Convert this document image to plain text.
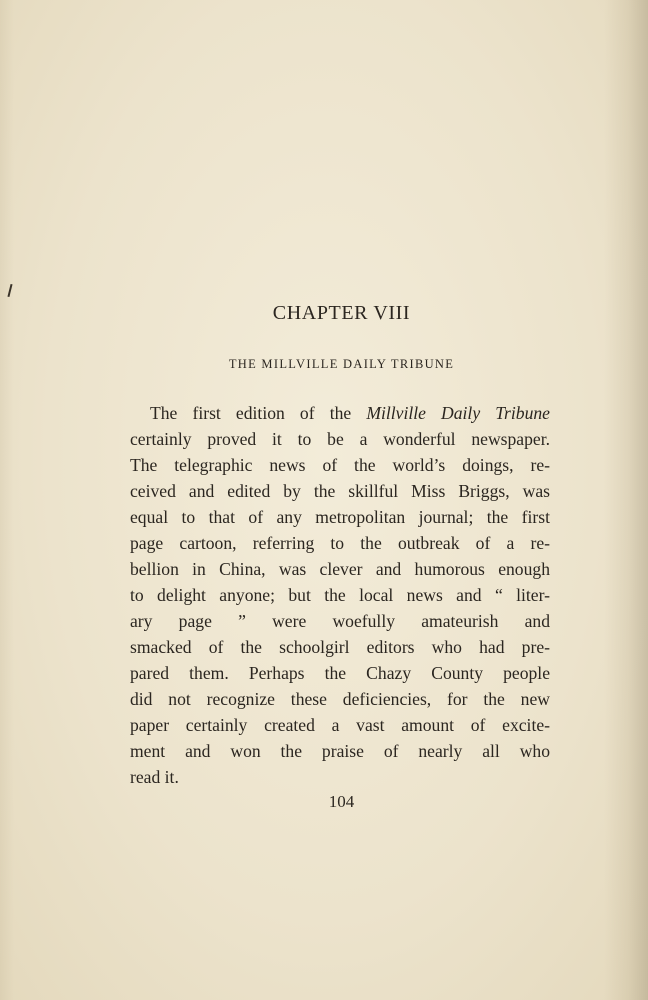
CHAPTER VIII
THE MILLVILLE DAILY TRIBUNE
The first edition of the Millville Daily Tribune
certainly proved it to be a wonderful newspaper.
The telegraphic news of the world’s doings, re-
ceived and edited by the skillful Miss Briggs, was
equal to that of any metropolitan journal; the first
page cartoon, referring to the outbreak of a re-
bellion in China, was clever and humorous enough
to delight anyone; but the local news and “ liter-
ary page ” were woefully amateurish and
smacked of the schoolgirl editors who had pre-
pared them. Perhaps the Chazy County people
did not recognize these deficiencies, for the new
paper certainly created a vast amount of excite-
ment and won the praise of nearly all who
read it.
104
